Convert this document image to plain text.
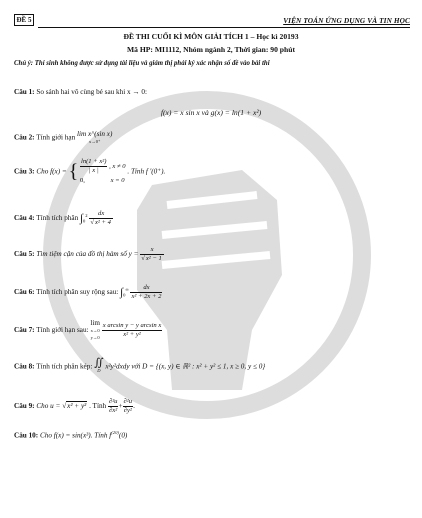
ĐỀ 5	VIỆN TOÁN ỨNG DỤNG VÀ TIN HỌC
ĐỀ THI CUỐI KÌ MÔN GIẢI TÍCH 1 – Học kì 20193
Mã HP: MI1112, Nhóm ngành 2, Thời gian: 90 phút
Chú ý: Thí sinh không được sử dụng tài liệu và giám thị phải ký xác nhận số đề vào bài thi
Câu 1: So sánh hai vô cùng bé sau khi x → 0:
f(x) = x sin x và g(x) = ln(1 + x²)
Câu 2: Tính giới hạn lim x^(sin x)
x→0⁺
Câu 3: Cho f(x) = { $\frac{\text{ln(1 + x²)}}{| x |}$ , x ≠ 0
0,	x = 0 . Tính f ′(0⁺).
Câu 4: Tính tích phân $\int_0^2 \frac{dx}{\text{√x² + 4}}$
Câu 5: Tìm tiệm cận của đồ thị hàm số $y = \frac{x}{\text{√x² − 1}}$
Câu 6: Tính tích phân suy rộng sau: $\int_0^\infty \frac{dx}{\text{x² + 2x + 2}}$
Câu 7: Tính giới hạn sau: lim
x→0
y→0
$\frac{\text{x arcsin y − y arcsin x}}{\text{x² + y²}}$
Câu 8: Tính tích phân kép: ∬
D x²y²dxdy với D = {(x, y) ∈ ℝ² : x² + y² ≤ 1, x ≥ 0, y ≤ 0}
Câu 9: Cho u = √x² + y² . Tính $\frac{\text{∂²u}}{\text{∂x²}} + \frac{\text{∂²u}}{\text{∂y²}}$ .
Câu 10: Cho f(x) = sin(x³). Tính $f^{(20)}(0)$
